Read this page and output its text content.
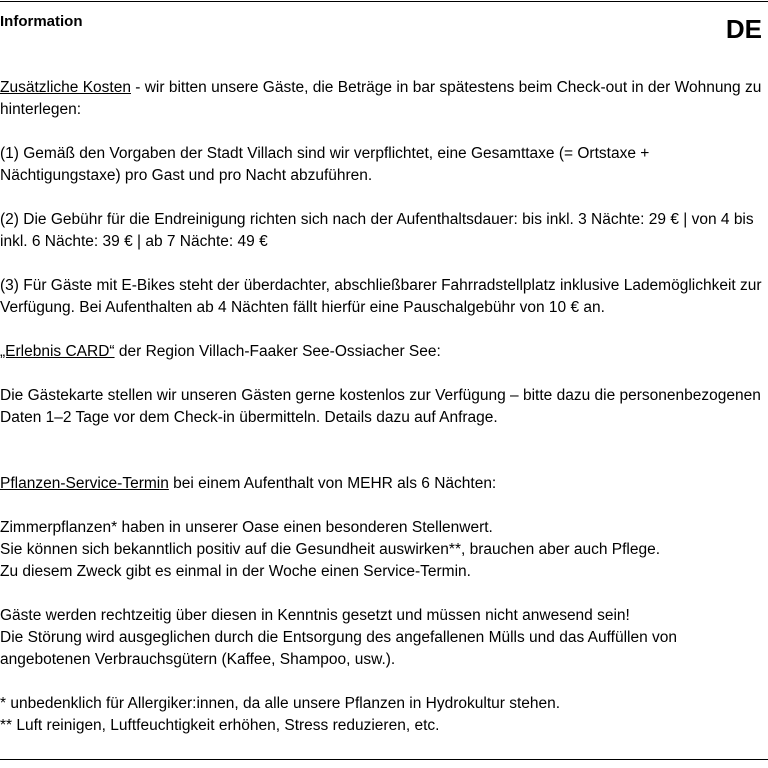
Information	DE

Zusätzliche Kosten - wir bitten unsere Gäste, die Beträge in bar spätestens beim Check-out in der Wohnung zu hinterlegen:

(1) Gemäß den Vorgaben der Stadt Villach sind wir verpflichtet, eine Gesamttaxe (= Ortstaxe + Nächtigungstaxe) pro Gast und pro Nacht abzuführen.

(2) Die Gebühr für die Endreinigung richten sich nach der Aufenthaltsdauer: bis inkl. 3 Nächte: 29 € | von 4 bis inkl. 6 Nächte: 39 € | ab 7 Nächte: 49 €

(3) Für Gäste mit E-Bikes steht der überdachter, abschließbarer Fahrradstellplatz inklusive Lademöglichkeit zur Verfügung. Bei Aufenthalten ab 4 Nächten fällt hierfür eine Pauschalgebühr von 10 € an.

„Erlebnis CARD“ der Region Villach-Faaker See-Ossiacher See:

Die Gästekarte stellen wir unseren Gästen gerne kostenlos zur Verfügung – bitte dazu die personenbezogenen Daten 1–2 Tage vor dem Check-in übermitteln. Details dazu auf Anfrage.

Pflanzen-Service-Termin bei einem Aufenthalt von MEHR als 6 Nächten:

Zimmerpflanzen* haben in unserer Oase einen besonderen Stellenwert.

Sie können sich bekanntlich positiv auf die Gesundheit auswirken**, brauchen aber auch Pflege.

Zu diesem Zweck gibt es einmal in der Woche einen Service-Termin.

Gäste werden rechtzeitig über diesen in Kenntnis gesetzt und müssen nicht anwesend sein!

Die Störung wird ausgeglichen durch die Entsorgung des angefallenen Mülls und das Auffüllen von angebotenen Verbrauchsgütern (Kaffee, Shampoo, usw.).

* unbedenklich für Allergiker:innen, da alle unsere Pflanzen in Hydrokultur stehen.

** Luft reinigen, Luftfeuchtigkeit erhöhen, Stress reduzieren, etc.
